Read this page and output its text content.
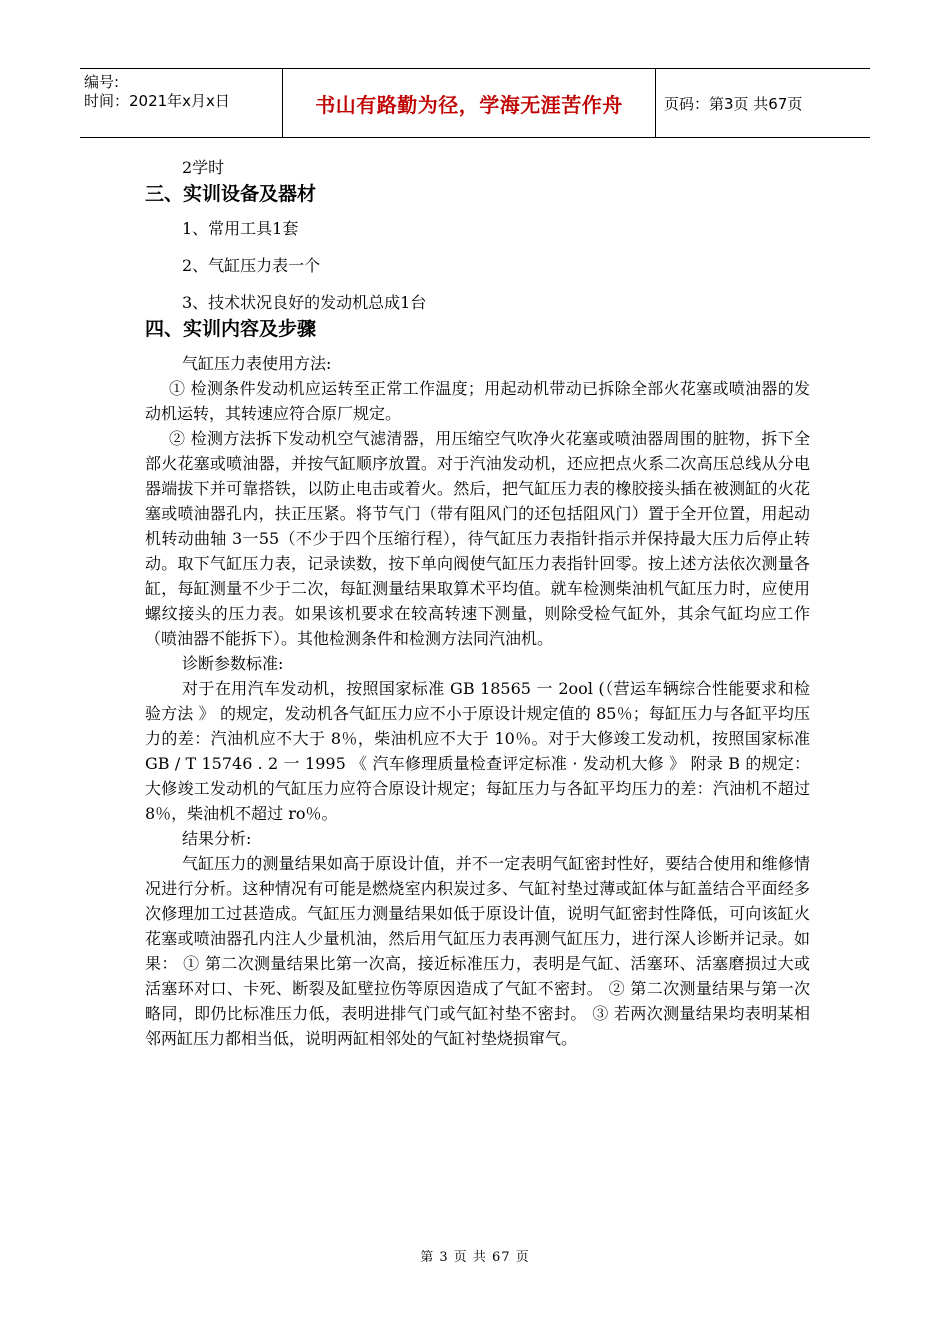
编号:
时间：2021年x月x日	书山有路勤为径，学海无涯苦作舟	页码：第3页 共67页

2学时

三、实训设备及器材

1、常用工具1套

2、气缸压力表一个

3、技术状况良好的发动机总成1台

四、实训内容及步骤

气缸压力表使用方法:

① 检测条件发动机应运转至正常工作温度；用起动机带动已拆除全部火花塞或喷油器的发动机运转，其转速应符合原厂规定。

② 检测方法拆下发动机空气滤清器，用压缩空气吹净火花塞或喷油器周围的脏物，拆下全部火花塞或喷油器，并按气缸顺序放置。对于汽油发动机，还应把点火系二次高压总线从分电器端拔下并可靠搭铁，以防止电击或着火。然后，把气缸压力表的橡胶接头插在被测缸的火花塞或喷油器孔内，扶正压紧。将节气门（带有阻风门的还包括阻风门）置于全开位置，用起动机转动曲轴 3一55（不少于四个压缩行程），待气缸压力表指针指示并保持最大压力后停止转动。取下气缸压力表，记录读数，按下单向阀使气缸压力表指针回零。按上述方法依次测量各缸，每缸测量不少于二次，每缸测量结果取算术平均值。就车检测柴油机气缸压力时，应使用螺纹接头的压力表。如果该机要求在较高转速下测量，则除受检气缸外，其余气缸均应工作（喷油器不能拆下）。其他检测条件和检测方法同汽油机。

诊断参数标准:

对于在用汽车发动机，按照国家标准 GB 18565 一 2ool (（营运车辆综合性能要求和检验方法 》 的规定，发动机各气缸压力应不小于原设计规定值的 85％；每缸压力与各缸平均压力的差：汽油机应不大于 8％，柴油机应不大于 10％。对于大修竣工发动机，按照国家标准 GB / T 15746 . 2 一 1995 《 汽车修理质量检查评定标准 · 发动机大修 》 附录 B 的规定：大修竣工发动机的气缸压力应符合原设计规定；每缸压力与各缸平均压力的差：汽油机不超过 8％，柴油机不超过 ro％。

结果分析:

气缸压力的测量结果如高于原设计值，并不一定表明气缸密封性好，要结合使用和维修情况进行分析。这种情况有可能是燃烧室内积炭过多、气缸衬垫过薄或缸体与缸盖结合平面经多次修理加工过甚造成。气缸压力测量结果如低于原设计值，说明气缸密封性降低，可向该缸火花塞或喷油器孔内注人少量机油，然后用气缸压力表再测气缸压力，进行深人诊断并记录。如果： ① 第二次测量结果比第一次高，接近标准压力，表明是气缸、活塞环、活塞磨损过大或活塞环对口、卡死、断裂及缸壁拉伤等原因造成了气缸不密封。 ② 第二次测量结果与第一次略同，即仍比标准压力低，表明进排气门或气缸衬垫不密封。 ③ 若两次测量结果均表明某相邻两缸压力都相当低，说明两缸相邻处的气缸衬垫烧损窜气。

第 3 页 共 67 页
